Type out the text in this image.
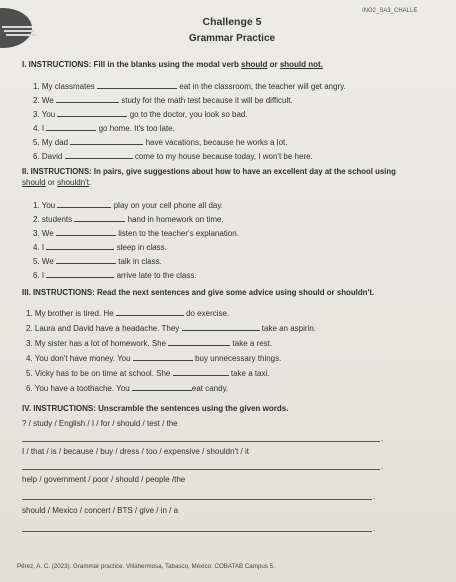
ING2_SA3_CHALLE
Challenge 5
Grammar Practice
I. INSTRUCTIONS: Fill in the blanks using the modal verb should or should not.
1. My classmates	eat in the classroom, the teacher will get angry.
2. We	study for the math test because it will be difficult.
3. You	go to the doctor, you look so bad.
4. I	go home. It's too late.
5. My dad	have vacations, because he works a lot.
6. David	come to my house because today, I won't be here.
II. INSTRUCTIONS: In pairs, give suggestions about how to have an excellent day at the school using
should or shouldn't.
1. You	play on your cell phone all day.
2. students	hand in homework on time.
3. We	listen to the teacher's explanation.
4. I	sleep in class.
5. We	talk in class.
6. I	arrive late to the class.
III. INSTRUCTIONS: Read the next sentences and give some advice using should or shouldn't.
1. My brother is tired. He	do exercise.
2. Laura and David have a headache. They	take an aspirin.
3. My sister has a lot of homework. She	take a rest.
4. You don't have money. You	buy unnecessary things.
5. Vicky has to be on time at school. She	take a taxi.
6. You have a toothache. You	eat candy.
IV. INSTRUCTIONS: Unscramble the sentences using the given words.
? / study / English / I / for / should / test / the
.
I / that / is / because / buy / dress / too / expensive / shouldn't / it
.
help / government / poor / should / people /the
.
should / Mexico / concert / BTS / give / in / a
.
Pérez, A. C. (2023). Grammar practice. Villahermosa, Tabasco, México: COBATAB Campus 5.
